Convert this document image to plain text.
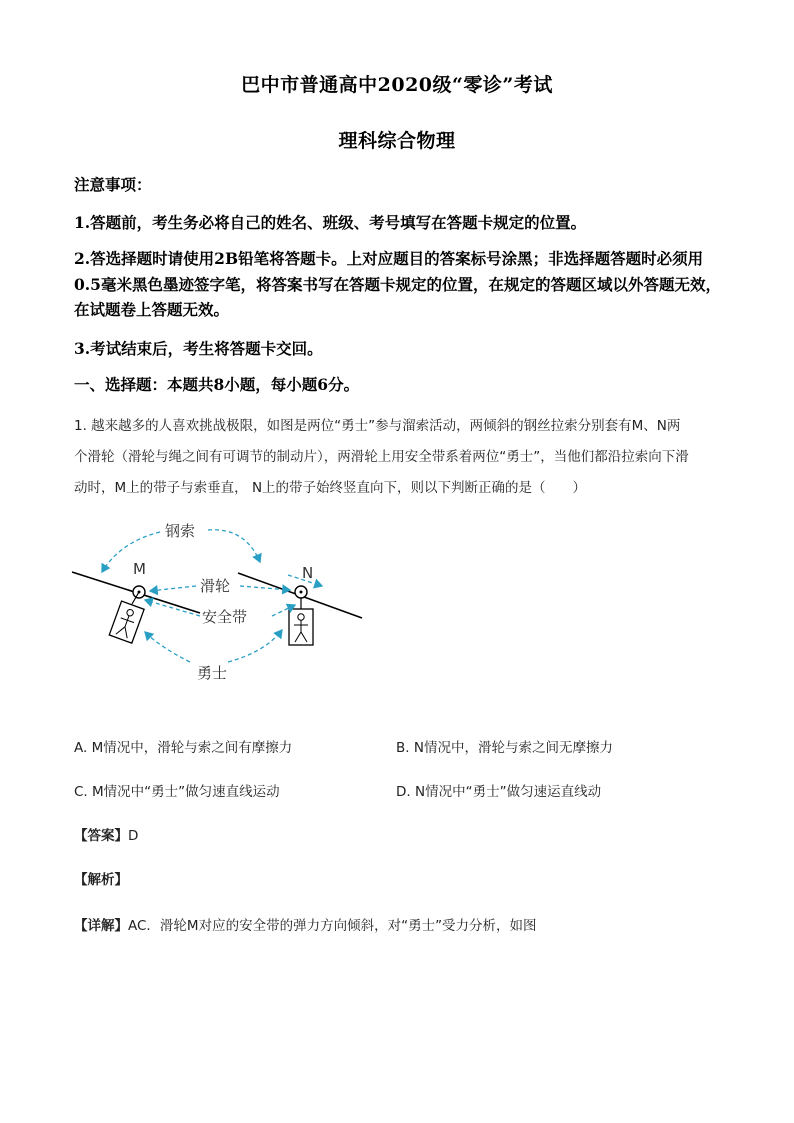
巴中市普通高中2020级“零诊”考试
理科综合物理
注意事项：
1.答题前，考生务必将自己的姓名、班级、考号填写在答题卡规定的位置。
2.答选择题时请使用2B铅笔将答题卡。上对应题目的答案标号涂黑；非选择题答题时必须用
0.5毫米黑色墨迹签字笔，将答案书写在答题卡规定的位置，在规定的答题区域以外答题无效，
在试题卷上答题无效。
3.考试结束后，考生将答题卡交回。
一、选择题：本题共8小题，每小题6分。
1. 越来越多的人喜欢挑战极限，如图是两位“勇士”参与溜索活动，两倾斜的钢丝拉索分别套有M、N两
个滑轮（滑轮与绳之间有可调节的制动片），两滑轮上用安全带系着两位“勇士”，当他们都沿拉索向下滑
动时，M上的带子与索垂直， N上的带子始终竖直向下，则以下判断正确的是（　　）
M	N
钢索
滑轮
安全带
勇士
A. M情况中，滑轮与索之间有摩擦力	B. N情况中，滑轮与索之间无摩擦力
C. M情况中“勇士”做匀速直线运动	D. N情况中“勇士”做匀速运直线动
【答案】D
【解析】
【详解】AC．滑轮M对应的安全带的弹力方向倾斜，对“勇士”受力分析，如图
